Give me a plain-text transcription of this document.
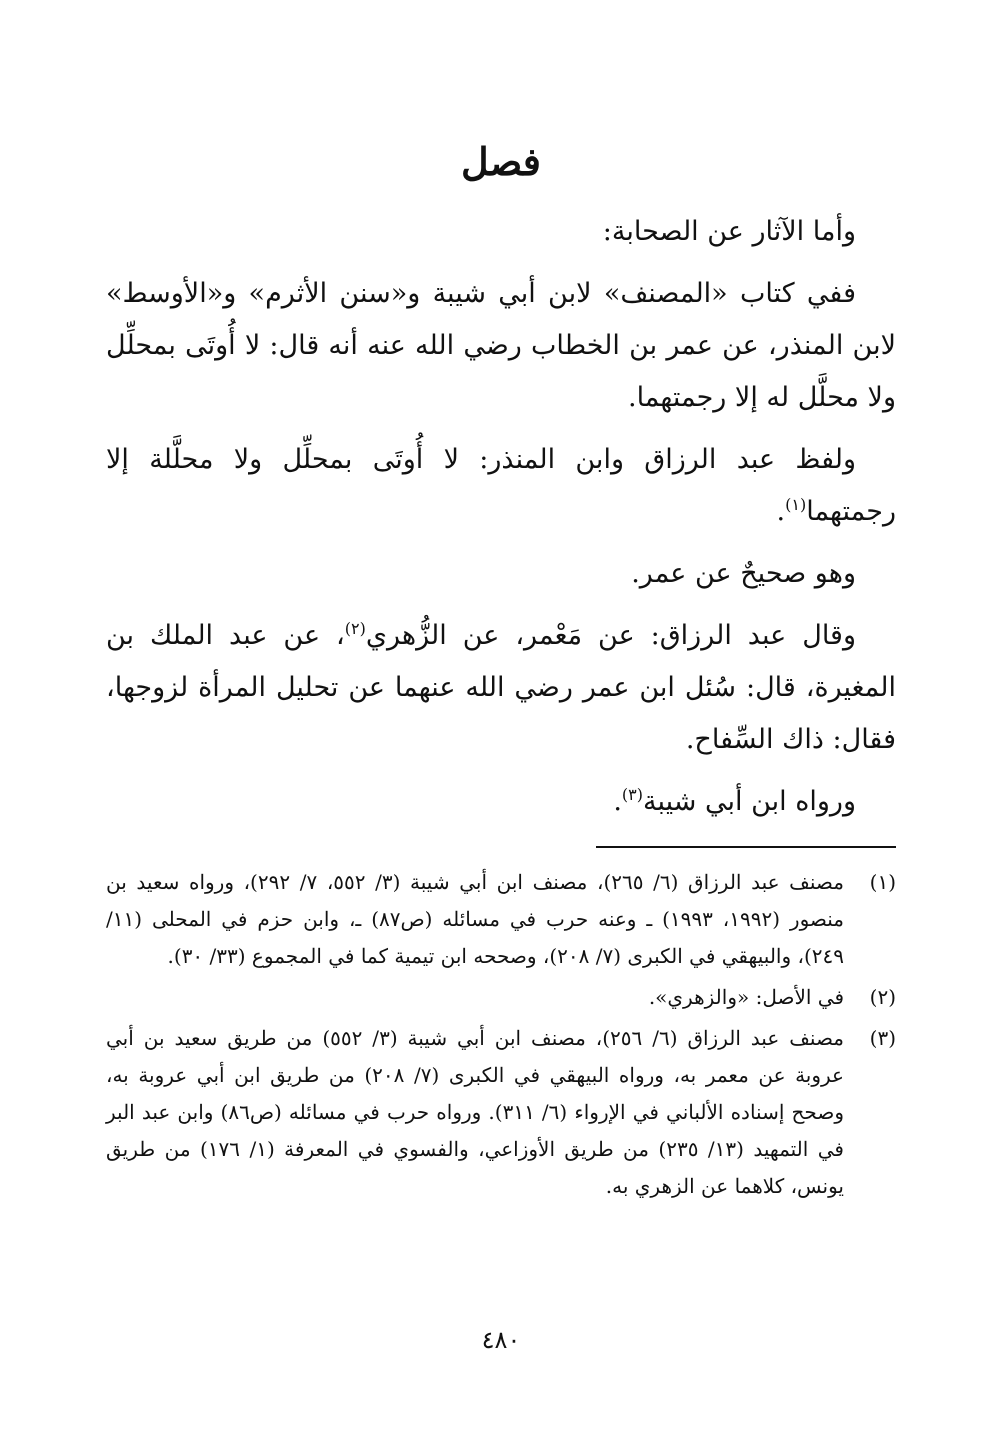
فصل

وأما الآثار عن الصحابة:

ففي كتاب «المصنف» لابن أبي شيبة و«سنن الأثرم» و«الأوسط» لابن المنذر، عن عمر بن الخطاب رضي الله عنه أنه قال: لا أُوتَى بمحلِّل ولا محلَّل له إلا رجمتهما.

ولفظ عبد الرزاق وابن المنذر: لا أُوتَى بمحلِّل ولا محلَّلة إلا رجمتهما$^{(١)}$.

وهو صحيحٌ عن عمر.

وقال عبد الرزاق: عن مَعْمر، عن الزُّهري$^{(٢)}$، عن عبد الملك بن المغيرة، قال: سُئل ابن عمر رضي الله عنهما عن تحليل المرأة لزوجها، فقال: ذاك السِّفاح.

ورواه ابن أبي شيبة$^{(٣)}$.

(١)
مصنف عبد الرزاق (٦/ ٢٦٥)، مصنف ابن أبي شيبة (٣/ ٥٥٢، ٧/ ٢٩٢)، ورواه سعيد بن منصور (١٩٩٢، ١٩٩٣) ـ وعنه حرب في مسائله (ص٨٧) ـ، وابن حزم في المحلى (١١/ ٢٤٩)، والبيهقي في الكبرى (٧/ ٢٠٨)، وصححه ابن تيمية كما في المجموع (٣٣/ ٣٠).
(٢)
في الأصل: «والزهري».
(٣)
مصنف عبد الرزاق (٦/ ٢٥٦)، مصنف ابن أبي شيبة (٣/ ٥٥٢) من طريق سعيد بن أبي عروبة عن معمر به، ورواه البيهقي في الكبرى (٧/ ٢٠٨) من طريق ابن أبي عروبة به، وصحح إسناده الألباني في الإرواء (٦/ ٣١١). ورواه حرب في مسائله (ص٨٦) وابن عبد البر في التمهيد (١٣/ ٢٣٥) من طريق الأوزاعي، والفسوي في المعرفة (١/ ١٧٦) من طريق يونس، كلاهما عن الزهري به.
٤٨٠
